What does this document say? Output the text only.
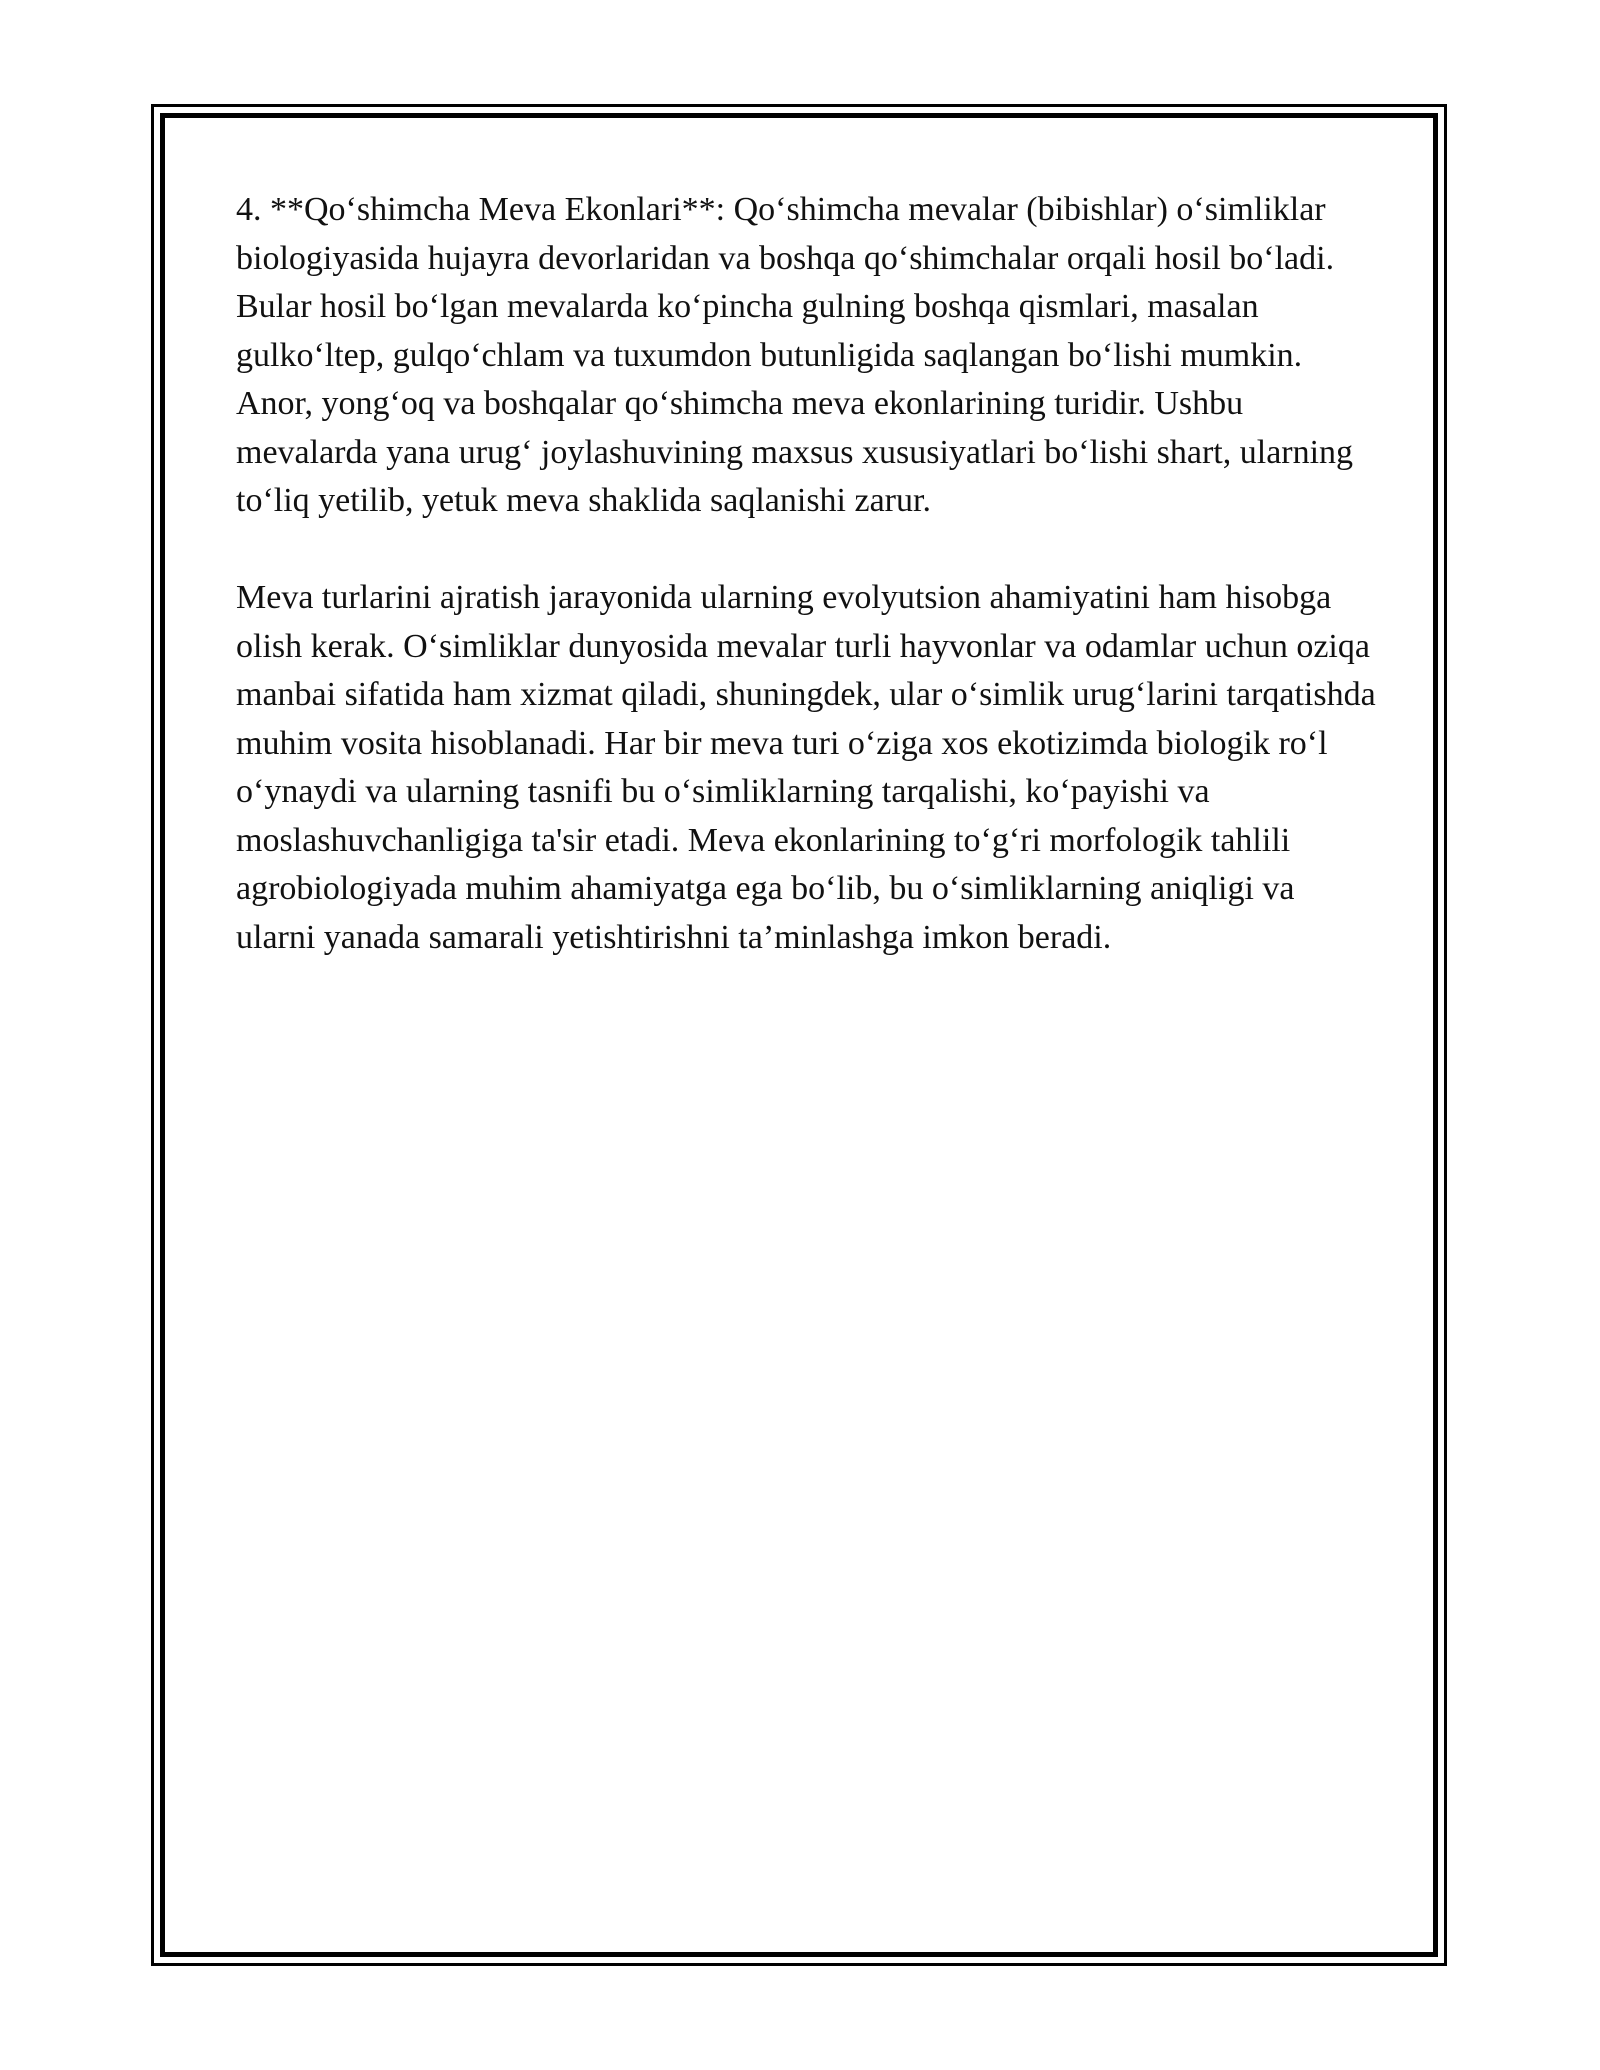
4. **Qo‘shimcha Meva Ekonlari**: Qo‘shimcha mevalar (bibishlar) o‘simliklar biologiyasida hujayra devorlaridan va boshqa qo‘shimchalar orqali hosil bo‘ladi. Bular hosil bo‘lgan mevalarda ko‘pincha gulning boshqa qismlari, masalan gulko‘ltep, gulqo‘chlam va tuxumdon butunligida saqlangan bo‘lishi mumkin. Anor, yong‘oq va boshqalar qo‘shimcha meva ekonlarining turidir. Ushbu mevalarda yana urug‘ joylashuvining maxsus xususiyatlari bo‘lishi shart, ularning to‘liq yetilib, yetuk meva shaklida saqlanishi zarur.

Meva turlarini ajratish jarayonida ularning evolyutsion ahamiyatini ham hisobga olish kerak. O‘simliklar dunyosida mevalar turli hayvonlar va odamlar uchun oziqa manbai sifatida ham xizmat qiladi, shuningdek, ular o‘simlik urug‘larini tarqatishda muhim vosita hisoblanadi. Har bir meva turi o‘ziga xos ekotizimda biologik ro‘l o‘ynaydi va ularning tasnifi bu o‘simliklarning tarqalishi, ko‘payishi va moslashuvchanligiga ta'sir etadi. Meva ekonlarining to‘g‘ri morfologik tahlili agrobiologiyada muhim ahamiyatga ega bo‘lib, bu o‘simliklarning aniqligi va ularni yanada samarali yetishtirishni ta’minlashga imkon beradi.
